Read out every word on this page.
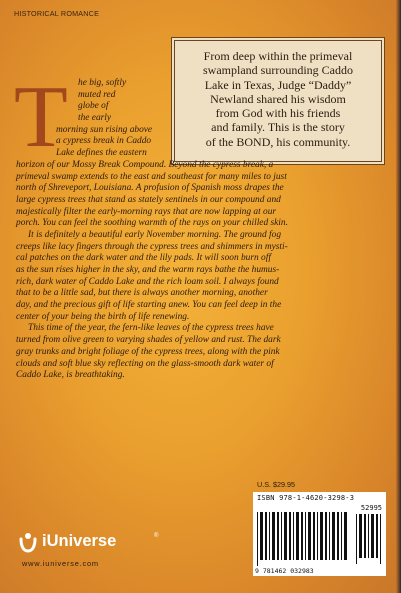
HISTORICAL ROMANCE
From deep within the primeval
swampland surrounding Caddo
Lake in Texas, Judge “Daddy”
Newland shared his wisdom
from God with his friends
and family. This is the story
of the BOND, his community.
T	he big, softly
muted red
globe of
the early
morning sun rising above
a cypress break in Caddo
Lake defines the eastern
horizon of our Mossy Break Compound. Beyond the cypress break, a
primeval swamp extends to the east and southeast for many miles to just
north of Shreveport, Louisiana. A profusion of Spanish moss drapes the
large cypress trees that stand as stately sentinels in our compound and
majestically filter the early-morning rays that are now lapping at our
porch. You can feel the soothing warmth of the rays on your chilled skin.
It is definitely a beautiful early November morning. The ground fog
creeps like lacy fingers through the cypress trees and shimmers in mysti-
cal patches on the dark water and the lily pads. It will soon burn off
as the sun rises higher in the sky, and the warm rays bathe the humus-
rich, dark water of Caddo Lake and the rich loam soil. I always found
that to be a little sad, but there is always another morning, another
day, and the precious gift of life starting anew. You can feel deep in the
center of your being the birth of life renewing.
This time of the year, the fern-like leaves of the cypress trees have
turned from olive green to varying shades of yellow and rust. The dark
gray trunks and bright foliage of the cypress trees, along with the pink
clouds and soft blue sky reflecting on the glass-smooth dark water of
Caddo Lake, is breathtaking.
U.S. $29.95
ISBN 978-1-4620-3298-3
52995
9 781462 032983
iUniverse	®
www.iuniverse.com
